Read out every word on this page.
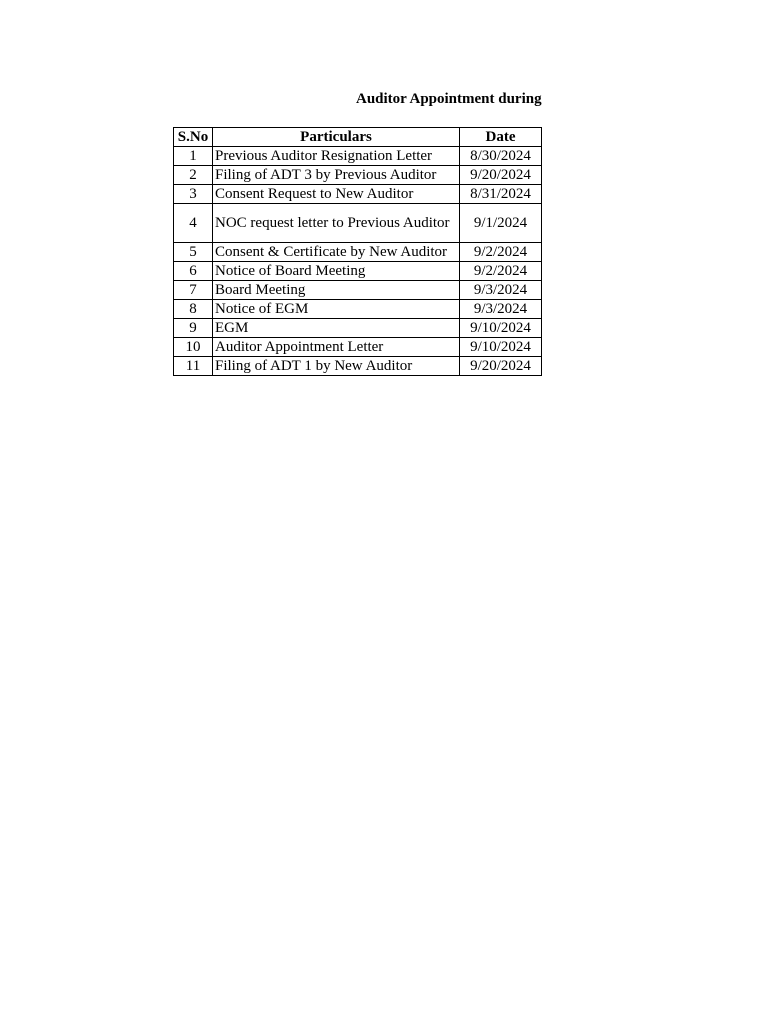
Auditor Appointment during
S.No	Particulars	Date
1	Previous Auditor Resignation Letter	8/30/2024
2	Filing of ADT 3 by Previous Auditor	9/20/2024
3	Consent Request to New Auditor	8/31/2024
4	NOC request letter to Previous Auditor	9/1/2024
5	Consent & Certificate by New Auditor	9/2/2024
6	Notice of Board Meeting	9/2/2024
7	Board Meeting	9/3/2024
8	Notice of EGM	9/3/2024
9	EGM	9/10/2024
10	Auditor Appointment Letter	9/10/2024
11	Filing of ADT 1 by New Auditor	9/20/2024
